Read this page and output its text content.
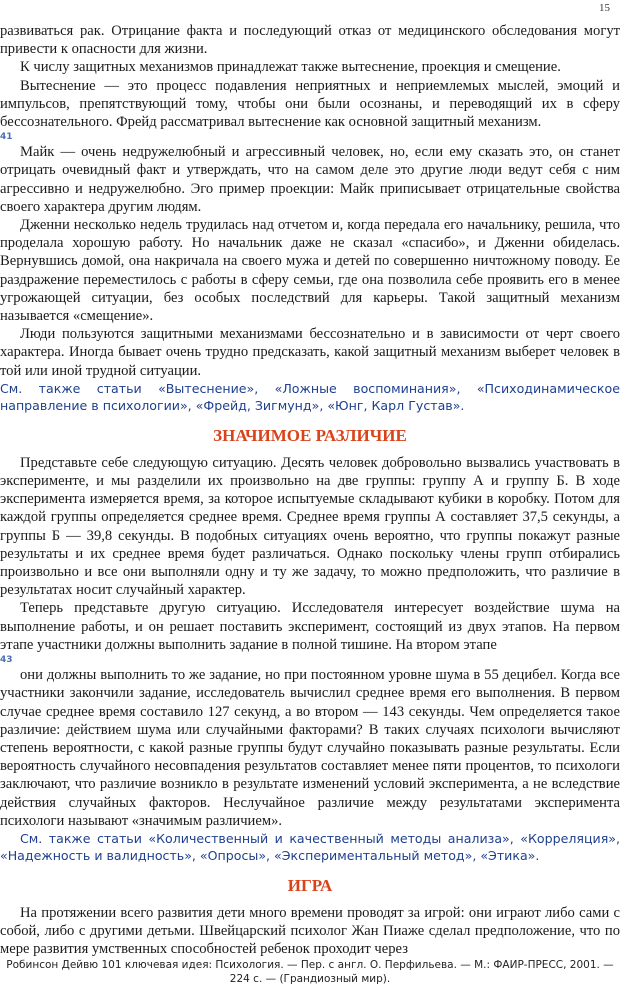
15

развиваться рак. Отрицание факта и последующий отказ от медицинского обследования могут привести к опасности для жизни.

К числу защитных механизмов принадлежат также вытеснение, проекция и смещение.

Вытеснение — это процесс подавления неприятных и неприемлемых мыслей, эмоций и импульсов, препятствующий тому, чтобы они были осознаны, и переводящий их в сферу бессознательного. Фрейд рассматривал вытеснение как основной защитный механизм.

41

Майк — очень недружелюбный и агрессивный человек, но, если ему сказать это, он станет отрицать очевидный факт и утверждать, что на самом деле это другие люди ведут себя с ним агрессивно и недружелюбно. Эго пример проекции: Майк приписывает отрицательные свойства своего характера другим людям.

Дженни несколько недель трудилась над отчетом и, когда передала его начальнику, решила, что проделала хорошую работу. Но начальник даже не сказал «спасибо», и Дженни обиделась. Вернувшись домой, она накричала на своего мужа и детей по совершенно ничтожному поводу. Ее раздражение переместилось с работы в сферу семьи, где она позволила себе проявить его в менее угрожающей ситуации, без особых последствий для карьеры. Такой защитный механизм называется «смещение».

Люди пользуются защитными механизмами бессознательно и в зависимости от черт своего характера. Иногда бывает очень трудно предсказать, какой защитный механизм выберет человек в той или иной трудной ситуации.

См. также статьи «Вытеснение», «Ложные воспоминания», «Психодинамическое направление в психологии», «Фрейд, Зигмунд», «Юнг, Карл Густав».

ЗНАЧИМОЕ РАЗЛИЧИЕ

Представьте себе следующую ситуацию. Десять человек добровольно вызвались участвовать в эксперименте, и мы разделили их произвольно на две группы: группу А и группу Б. В ходе эксперимента измеряется время, за которое испытуемые складывают кубики в коробку. Потом для каждой группы определяется среднее время. Среднее время группы А составляет 37,5 секунды, а группы Б — 39,8 секунды. В подобных ситуациях очень вероятно, что группы покажут разные результаты и их среднее время будет различаться. Однако поскольку члены групп отбирались произвольно и все они выполняли одну и ту же задачу, то можно предположить, что различие в результатах носит случайный характер.

Теперь представьте другую ситуацию. Исследователя интересует воздействие шума на выполнение работы, и он решает поставить эксперимент, состоящий из двух этапов. На первом этапе участники должны выполнить задание в полной тишине. На втором этапе

43

они должны выполнить то же задание, но при постоянном уровне шума в 55 децибел. Когда все участники закончили задание, исследователь вычислил среднее время его выполнения. В первом случае среднее время составило 127 секунд, а во втором — 143 секунды. Чем определяется такое различие: действием шума или случайными факторами? В таких случаях психологи вычисляют степень вероятности, с какой разные группы будут случайно показывать разные результаты. Если вероятность случайного несовпадения результатов составляет менее пяти процентов, то психологи заключают, что различие возникло в результате изменений условий эксперимента, а не вследствие действия случайных факторов. Неслучайное различие между результатами эксперимента психологи называют «значимым различием».

См. также статьи «Количественный и качественный методы анализа», «Корреляция», «Надежность и валидность», «Опросы», «Экспериментальный метод», «Этика».

ИГРА

На протяжении всего развития дети много времени проводят за игрой: они играют либо сами с собой, либо с другими детьми. Швейцарский психолог Жан Пиаже сделал предположение, что по мере развития умственных способностей ребенок проходит через

Робинсон Дейвю 101 ключевая идея: Психология. — Пер. с англ. О. Перфильева. — М.: ФАИР-ПРЕСС, 2001. — 224 с. — (Грандиозный мир).
